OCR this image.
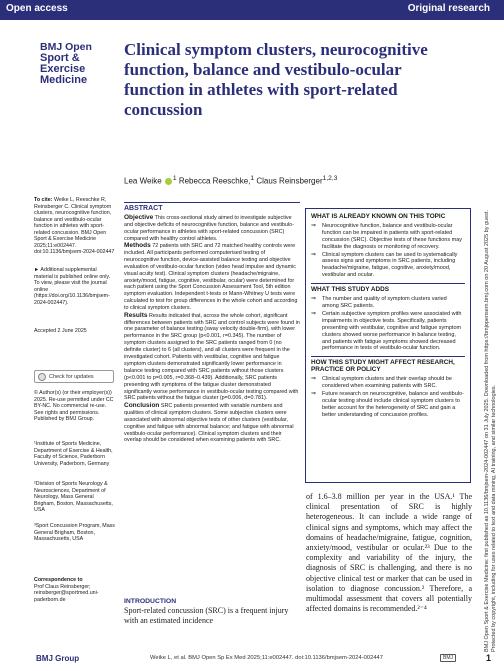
Open access	Original research
BMJ Open
Sport &
Exercise
Medicine
Clinical symptom clusters, neurocognitive function, balance and vestibulo-ocular function in athletes with sport-related concussion
Lea Weike $^1$ Rebecca Reeschke,$^1$ Claus Reinsberger$^{1,2,3}$
To cite: Weike L, Reeschke R, Reinsberger C. Clinical symptom clusters, neurocognitive function, balance and vestibulo-ocular function in athletes with sport-related concussion. BMJ Open Sport & Exercise Medicine 2025;11:e002447. doi:10.1136/bmjsem-2024-002447
► Additional supplemental material is published online only. To view, please visit the journal online (https://doi.org/10.1136/bmjsem-2024-002447).
Accepted 2 June 2025
Check for updates
© Author(s) (or their employer(s)) 2025. Re-use permitted under CC BY-NC. No commercial re-use. See rights and permissions. Published by BMJ Group.
¹Institute of Sports Medicine, Department of Exercise & Health, Faculty of Science, Paderborn University, Paderborn, Germany
²Division of Sports Neurology & Neurosciences, Department of Neurology, Mass General Brigham, Boston, Massachusetts, USA
³Sport Concussion Program, Mass General Brigham, Boston, Massachusetts, USA
Correspondence to
Prof Claus Reinsberger; reinsberger@sportmed.uni-paderborn.de
ABSTRACT

Objective This cross-sectional study aimed to investigate subjective and objective deficits of neurocognitive function, balance and vestibulo-ocular performance in athletes with sport-related concussion (SRC) compared with healthy control athletes.

Methods 72 patients with SRC and 72 matched healthy controls were included. All participants performed computerised testing of neurocognitive function, device-assisted balance testing and objective evaluation of vestibulo-ocular function (video head impulse and dynamic visual acuity test). Clinical symptom clusters (headache/migraine, anxiety/mood, fatigue, cognitive, vestibular, ocular) were determined for each patient using the Sport Concussion Assessment Tool, 5th edition symptom evaluation. Independent t-tests or Mann-Whitney U tests were calculated to test for group differences in the whole cohort and according to clinical symptom clusters.

Results Results indicated that, across the whole cohort, significant differences between patients with SRC and control subjects were found in one parameter of balance testing (sway velocity double-firm), with lower performance in the SRC group (p<0.001, r=0.345). The number of symptom clusters assigned to the SRC patients ranged from 0 (no definite cluster) to 6 (all clusters), and all clusters were frequent in the investigated cohort. Patients with vestibular, cognitive and fatigue symptom clusters demonstrated significantly lower performance in balance testing compared with SRC patients without those clusters (p<0.001 to p=0.005, r=0.368–0.439). Additionally, SRC patients presenting with symptoms of the fatigue cluster demonstrated significantly worse performance in vestibulo-ocular testing compared with SRC patients without the fatigue cluster (p=0.006, d=0.781).

Conclusion SRC patients presented with variable numbers and qualities of clinical symptom clusters. Some subjective clusters were associated with abnormal objective tests of other clusters (vestibular, cognitive and fatigue with abnormal balance; and fatigue with abnormal vestibulo-ocular performance). Clinical symptom clusters and their overlap should be considered when examining patients with SRC.

INTRODUCTION
Sport-related concussion (SRC) is a frequent injury with an estimated incidence
WHAT IS ALREADY KNOWN ON THIS TOPIC
⇒ Neurocognitive function, balance and vestibulo-ocular function can be impaired in patients with sport-related concussion (SRC). Objective tests of these functions may facilitate the diagnosis or monitoring of recovery.
⇒ Clinical symptom clusters can be used to systematically assess signs and symptoms in SRC patients, including headache/migraine, fatigue, cognitive, anxiety/mood, vestibular and ocular.
WHAT THIS STUDY ADDS
⇒ The number and quality of symptom clusters varied among SRC patients.
⇒ Certain subjective symptom profiles were associated with impairments in objective tests. Specifically, patients presenting with vestibular, cognitive and fatigue symptom clusters showed worse performance in balance testing, and patients with fatigue symptoms showed decreased performance in tests of vestibulo-ocular function.
HOW THIS STUDY MIGHT AFFECT RESEARCH, PRACTICE OR POLICY
⇒ Clinical symptom clusters and their overlap should be considered when examining patients with SRC.
⇒ Future research on neurocognitive, balance and vestibulo-ocular testing should include clinical symptom clusters to better account for the heterogeneity of SRC and gain a better understanding of concussion profiles.
of 1.6–3.8 million per year in the USA.¹ The clinical presentation of SRC is highly heterogeneous. It can include a wide range of clinical signs and symptoms, which may affect the domains of headache/migraine, fatigue, cognition, anxiety/mood, vestibular or ocular.²³ Due to the complexity and variability of the injury, the diagnosis of SRC is challenging, and there is no objective clinical test or marker that can be used in isolation to diagnose concussion.² Therefore, a multimodal assessment that covers all potentially affected domains is recommended.²⁻⁴	BMJ Open Sport & Exercise Medicine: first published as 10.1136/bmjsem-2024-002447 on 31 July 2025. Downloaded from https://bmjopensem.bmj.com on 20 August 2025 by guest.
Protected by copyright, including for uses related to text and data mining, AI training, and similar technologies.
BMJ Group	Weike L, et al. BMJ Open Sp Ex Med 2025;11:e002447. doi:10.1136/bmjsem-2024-002447	BMJ	1
